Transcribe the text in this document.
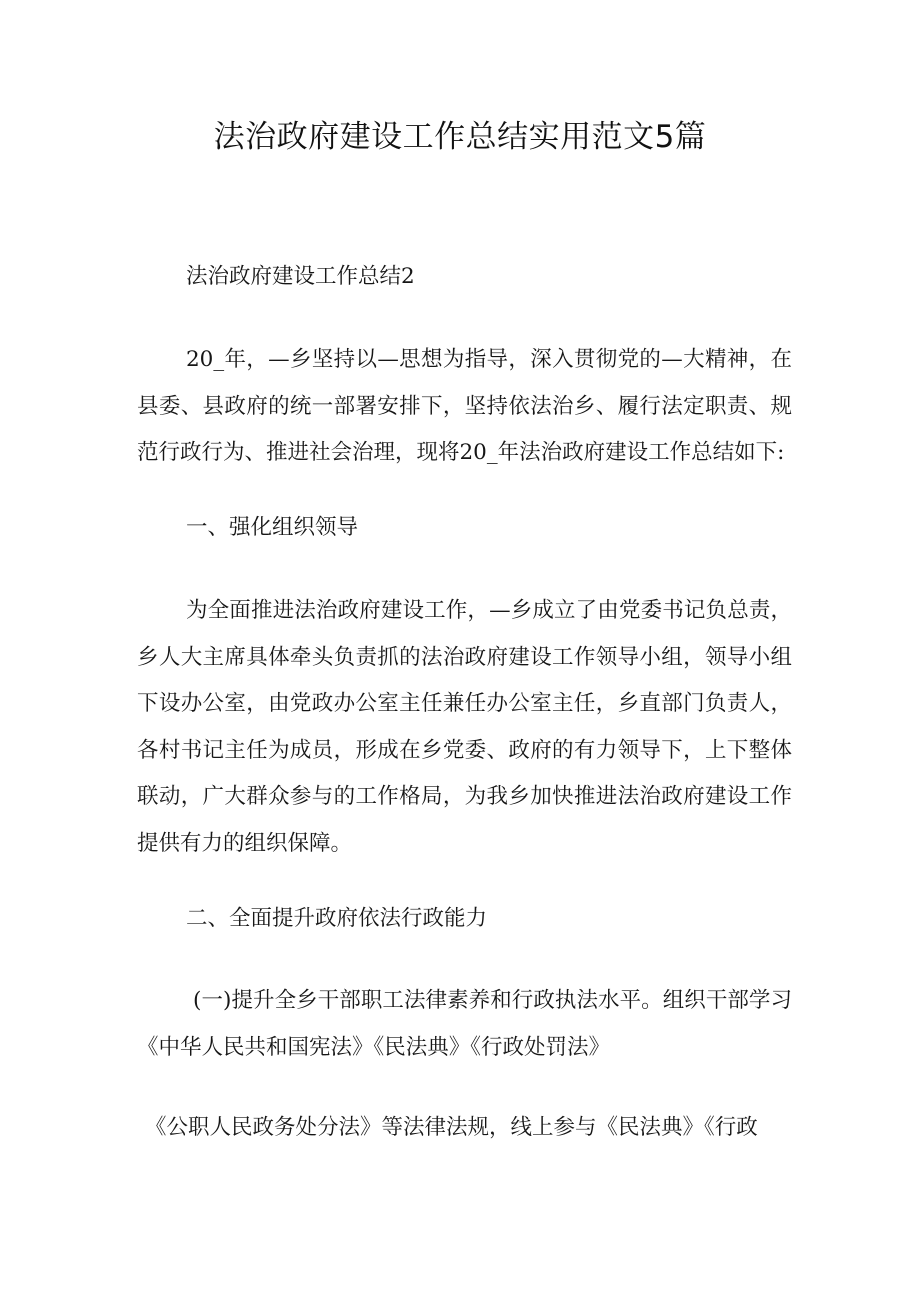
法治政府建设工作总结实用范文5篇

法治政府建设工作总结2

20_年，—乡坚持以—思想为指导，深入贯彻党的—大精神，在县委、县政府的统一部署安排下，坚持依法治乡、履行法定职责、规范行政行为、推进社会治理，现将20_年法治政府建设工作总结如下:

一、强化组织领导

为全面推进法治政府建设工作，—乡成立了由党委书记负总责，乡人大主席具体牵头负责抓的法治政府建设工作领导小组，领导小组下设办公室，由党政办公室主任兼任办公室主任，乡直部门负责人，各村书记主任为成员，形成在乡党委、政府的有力领导下，上下整体联动，广大群众参与的工作格局，为我乡加快推进法治政府建设工作提供有力的组织保障。

二、全面提升政府依法行政能力

(一)提升全乡干部职工法律素养和行政执法水平。组织干部学习《中华人民共和国宪法》《民法典》《行政处罚法》

《公职人民政务处分法》等法律法规，线上参与《民法典》《行政
